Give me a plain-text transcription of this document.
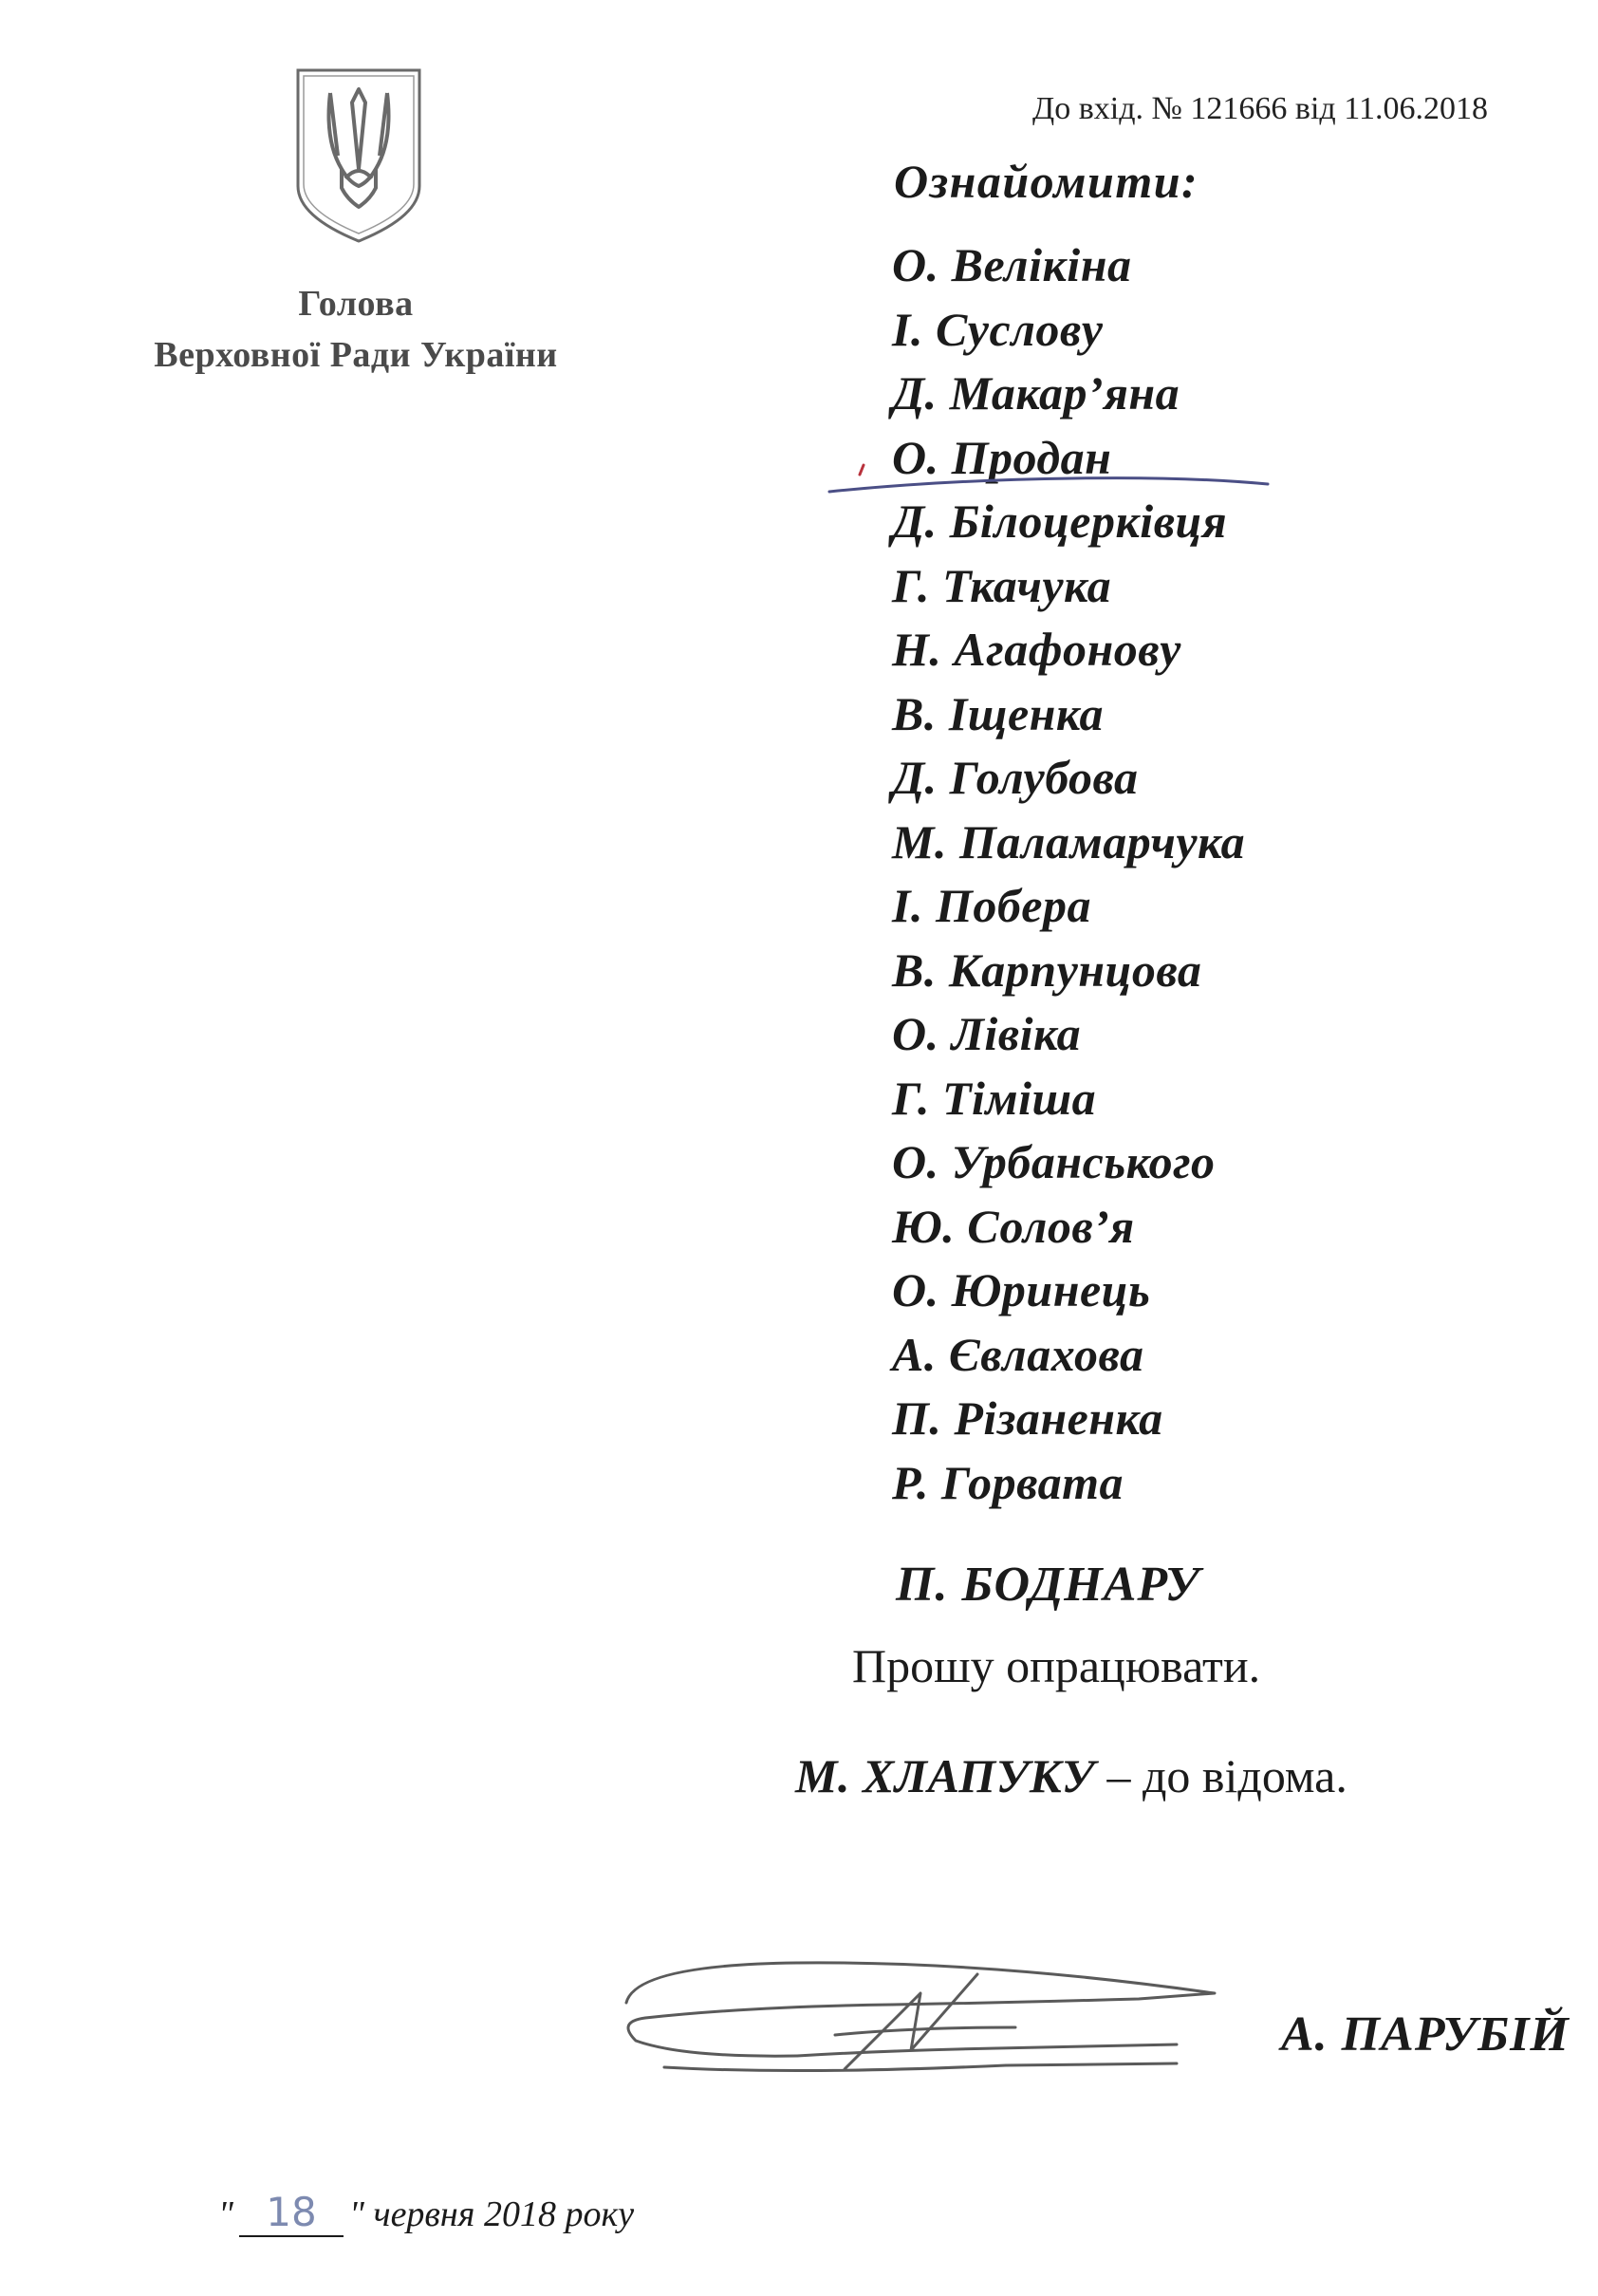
Голова
Верховної Ради України
До вхід. № 121666 від 11.06.2018
Ознайомити:
О. Велікіна
І. Суслову
Д. Макар’яна
О. Продан
Д. Білоцерківця
Г. Ткачука
Н. Агафонову
В. Іщенка
Д. Голубова
М. Паламарчука
І. Побера
В. Карпунцова
О. Лівіка
Г. Тіміша
О. Урбанського
Ю. Солов’я
О. Юринець
А. Євлахова
П. Різаненка
Р. Горвата
П. БОДНАРУ
Прошу опрацювати.
М. ХЛАПУКУ – до відома.
А. ПАРУБІЙ
" 18 " червня 2018 року
